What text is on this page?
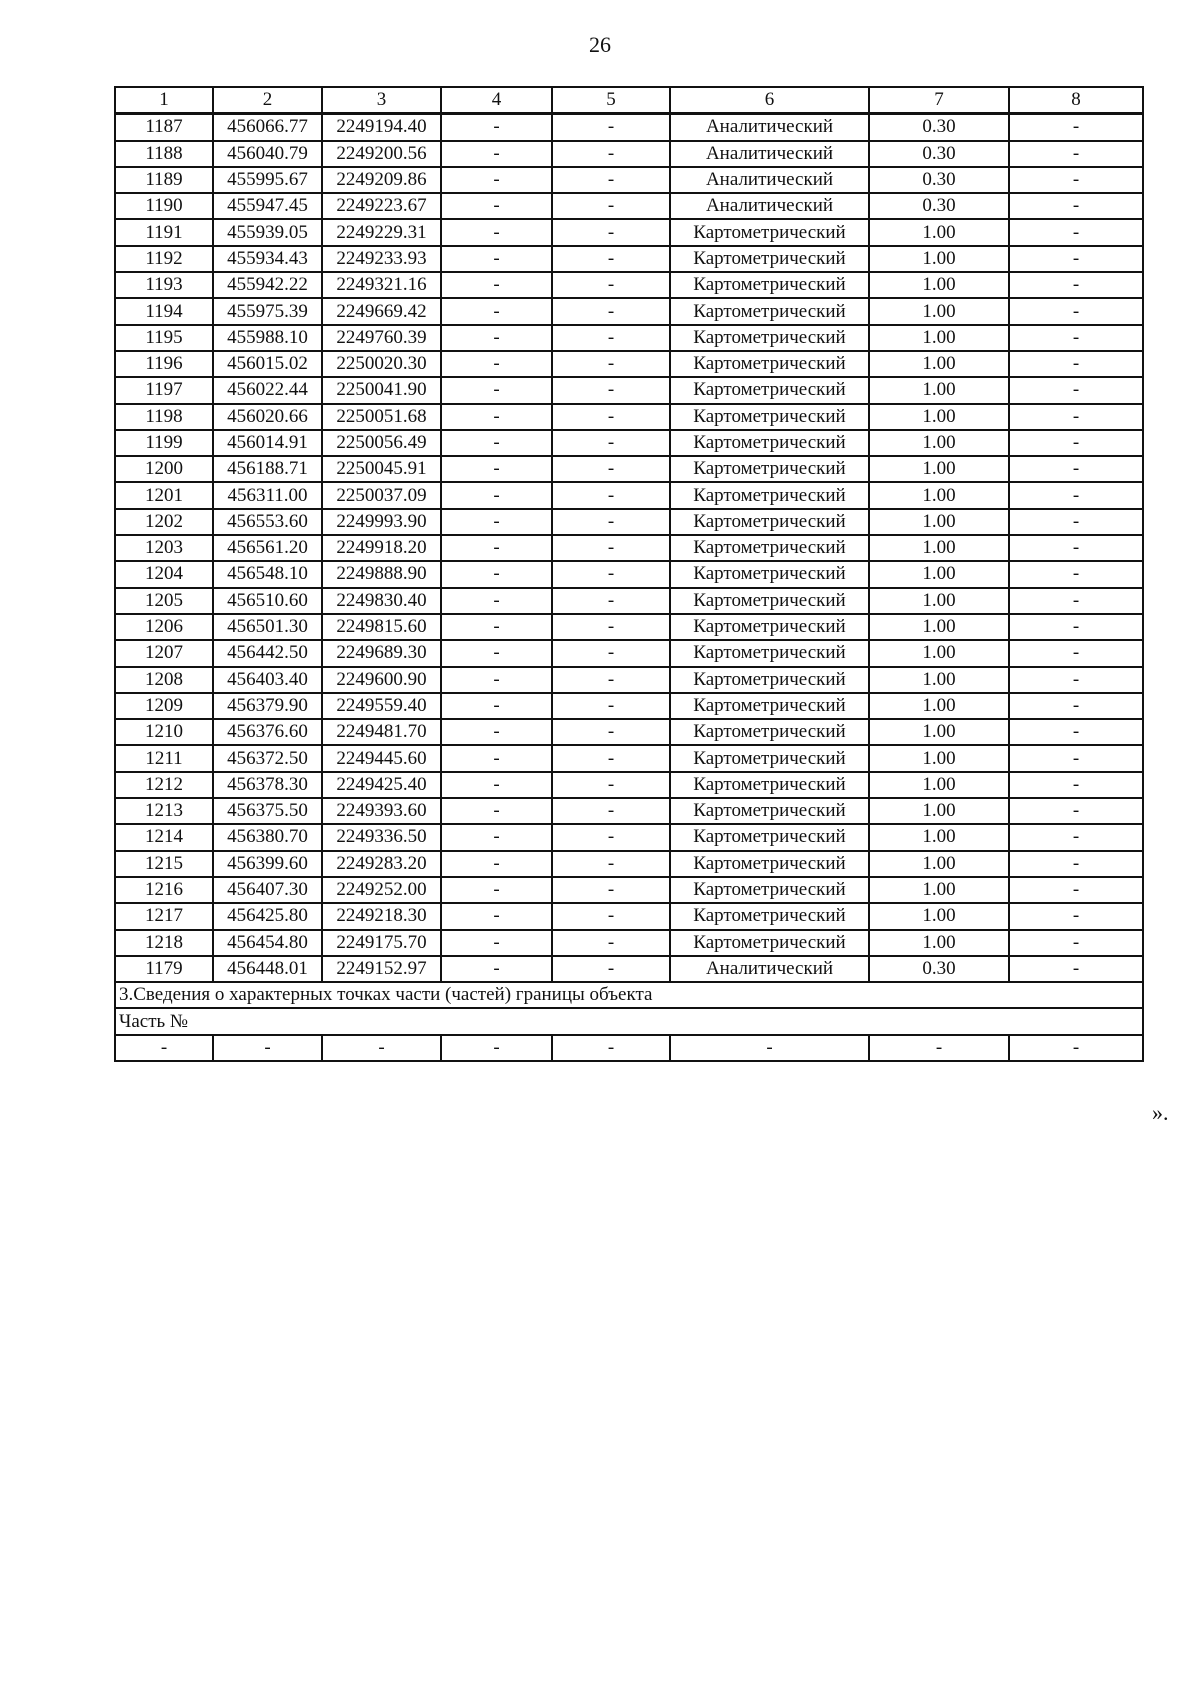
26
1	2	3	4	5	6	7	8
1187	456066.77	2249194.40	-	-	Аналитический	0.30	-
1188	456040.79	2249200.56	-	-	Аналитический	0.30	-
1189	455995.67	2249209.86	-	-	Аналитический	0.30	-
1190	455947.45	2249223.67	-	-	Аналитический	0.30	-
1191	455939.05	2249229.31	-	-	Картометрический	1.00	-
1192	455934.43	2249233.93	-	-	Картометрический	1.00	-
1193	455942.22	2249321.16	-	-	Картометрический	1.00	-
1194	455975.39	2249669.42	-	-	Картометрический	1.00	-
1195	455988.10	2249760.39	-	-	Картометрический	1.00	-
1196	456015.02	2250020.30	-	-	Картометрический	1.00	-
1197	456022.44	2250041.90	-	-	Картометрический	1.00	-
1198	456020.66	2250051.68	-	-	Картометрический	1.00	-
1199	456014.91	2250056.49	-	-	Картометрический	1.00	-
1200	456188.71	2250045.91	-	-	Картометрический	1.00	-
1201	456311.00	2250037.09	-	-	Картометрический	1.00	-
1202	456553.60	2249993.90	-	-	Картометрический	1.00	-
1203	456561.20	2249918.20	-	-	Картометрический	1.00	-
1204	456548.10	2249888.90	-	-	Картометрический	1.00	-
1205	456510.60	2249830.40	-	-	Картометрический	1.00	-
1206	456501.30	2249815.60	-	-	Картометрический	1.00	-
1207	456442.50	2249689.30	-	-	Картометрический	1.00	-
1208	456403.40	2249600.90	-	-	Картометрический	1.00	-
1209	456379.90	2249559.40	-	-	Картометрический	1.00	-
1210	456376.60	2249481.70	-	-	Картометрический	1.00	-
1211	456372.50	2249445.60	-	-	Картометрический	1.00	-
1212	456378.30	2249425.40	-	-	Картометрический	1.00	-
1213	456375.50	2249393.60	-	-	Картометрический	1.00	-
1214	456380.70	2249336.50	-	-	Картометрический	1.00	-
1215	456399.60	2249283.20	-	-	Картометрический	1.00	-
1216	456407.30	2249252.00	-	-	Картометрический	1.00	-
1217	456425.80	2249218.30	-	-	Картометрический	1.00	-
1218	456454.80	2249175.70	-	-	Картометрический	1.00	-
1179	456448.01	2249152.97	-	-	Аналитический	0.30	-
3.Сведения о характерных точках части (частей) границы объекта							
Часть №							
-	-	-	-	-	-	-	-
».
